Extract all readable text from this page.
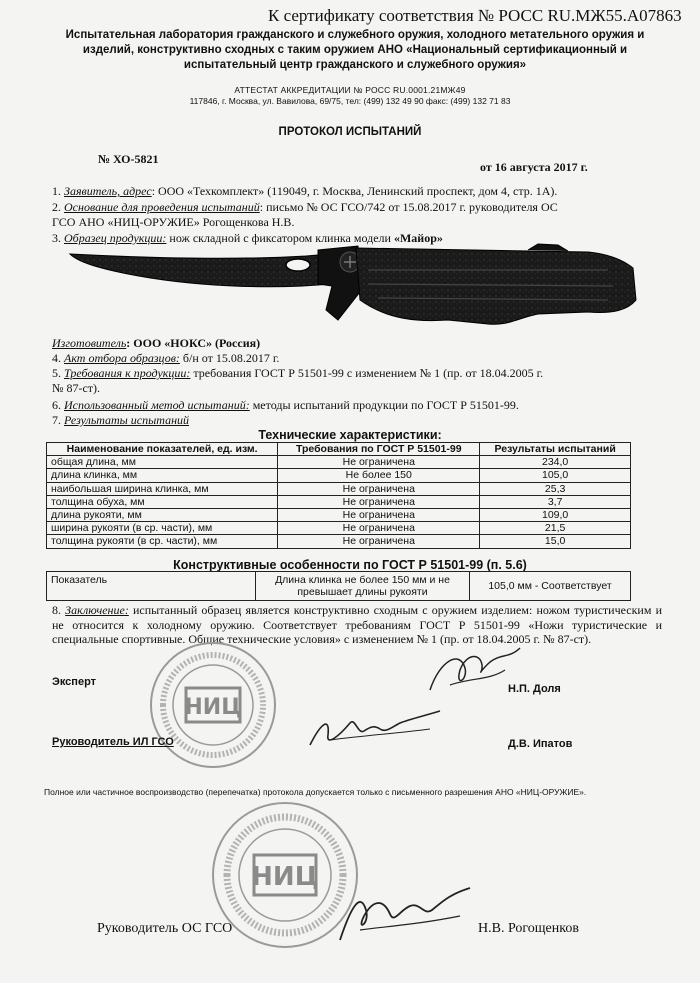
К сертификату соответствия № РОСС RU.МЖ55.А07863
Испытательная лаборатория гражданского и служебного оружия, холодного метательного оружия и
изделий, конструктивно сходных с таким оружием АНО «Национальный сертификационный и
испытательный центр гражданского и служебного оружия»
АТТЕСТАТ АККРЕДИТАЦИИ № РОСС RU.0001.21МЖ49
117846, г. Москва, ул. Вавилова, 69/75, тел: (499) 132 49 90 факс: (499) 132 71 83
ПРОТОКОЛ ИСПЫТАНИЙ
№ ХО-5821
от 16 августа 2017 г.
1. Заявитель, адрес: ООО «Техкомплект» (119049, г. Москва, Ленинский проспект, дом 4, стр. 1А).
2. Основание для проведения испытаний: письмо № ОС ГСО/742 от 15.08.2017 г. руководителя ОС
ГСО АНО «НИЦ-ОРУЖИЕ» Рогощенкова Н.В.
3. Образец продукции: нож складной с фиксатором клинка модели «Майор»
Изготовитель: ООО «НОКС» (Россия)
4. Акт отбора образцов: б/н от 15.08.2017 г.
5. Требования к продукции: требования ГОСТ Р 51501-99 с изменением № 1 (пр. от 18.04.2005 г.
№ 87-ст).
6. Использованный метод испытаний: методы испытаний продукции по ГОСТ Р 51501-99.
7. Результаты испытаний
Технические характеристики:
Наименование показателей, ед. изм.	Требования по ГОСТ Р 51501-99	Результаты испытаний
общая длина, мм	Не ограничена	234,0
длина клинка, мм	Не более 150	105,0
наибольшая ширина клинка, мм	Не ограничена	25,3
толщина обуха, мм	Не ограничена	3,7
длина рукояти, мм	Не ограничена	109,0
ширина рукояти (в ср. части), мм	Не ограничена	21,5
толщина рукояти (в ср. части), мм	Не ограничена	15,0
Конструктивные особенности по ГОСТ Р 51501-99 (п. 5.6)
Показатель	Длина клинка не более 150 мм и не превышает длины рукояти	105,0 мм - Соответствует
8. Заключение: испытанный образец является конструктивно сходным с оружием изделием: ножом туристическим и не относится к холодному оружию. Соответствует требованиям ГОСТ Р 51501-99 «Ножи туристические и специальные спортивные. Общие технические условия» с изменением № 1 (пр. от 18.04.2005 г. № 87-ст).
НИЦ
Эксперт
Н.П. Доля
Руководитель ИЛ ГСО	Д.В. Ипатов
Полное или частичное воспроизводство (перепечатка) протокола допускается только с письменного разрешения АНО «НИЦ-ОРУЖИЕ».
НИЦ
Руководитель ОС ГСО	Н.В. Рогощенков
